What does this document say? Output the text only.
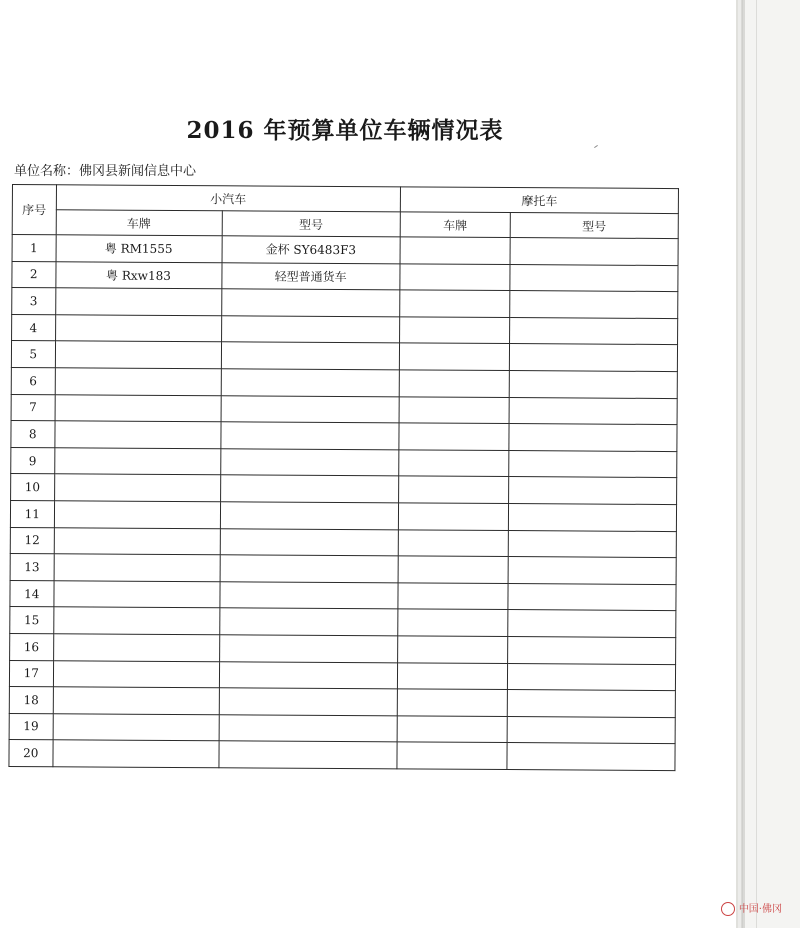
2016 年预算单位车辆情况表
单位名称：佛冈县新闻信息中心
序号	小汽车		摩托车	
	车牌	型号	车牌	型号
1	粤 RM1555	金杯 SY6483F3		
2	粤 Rxw183	轻型普通货车		
3				
4				
5				
6				
7				
8				
9				
10				
11				
12				
13				
14				
15				
16				
17				
18				
19				
20				
中国·佛冈
